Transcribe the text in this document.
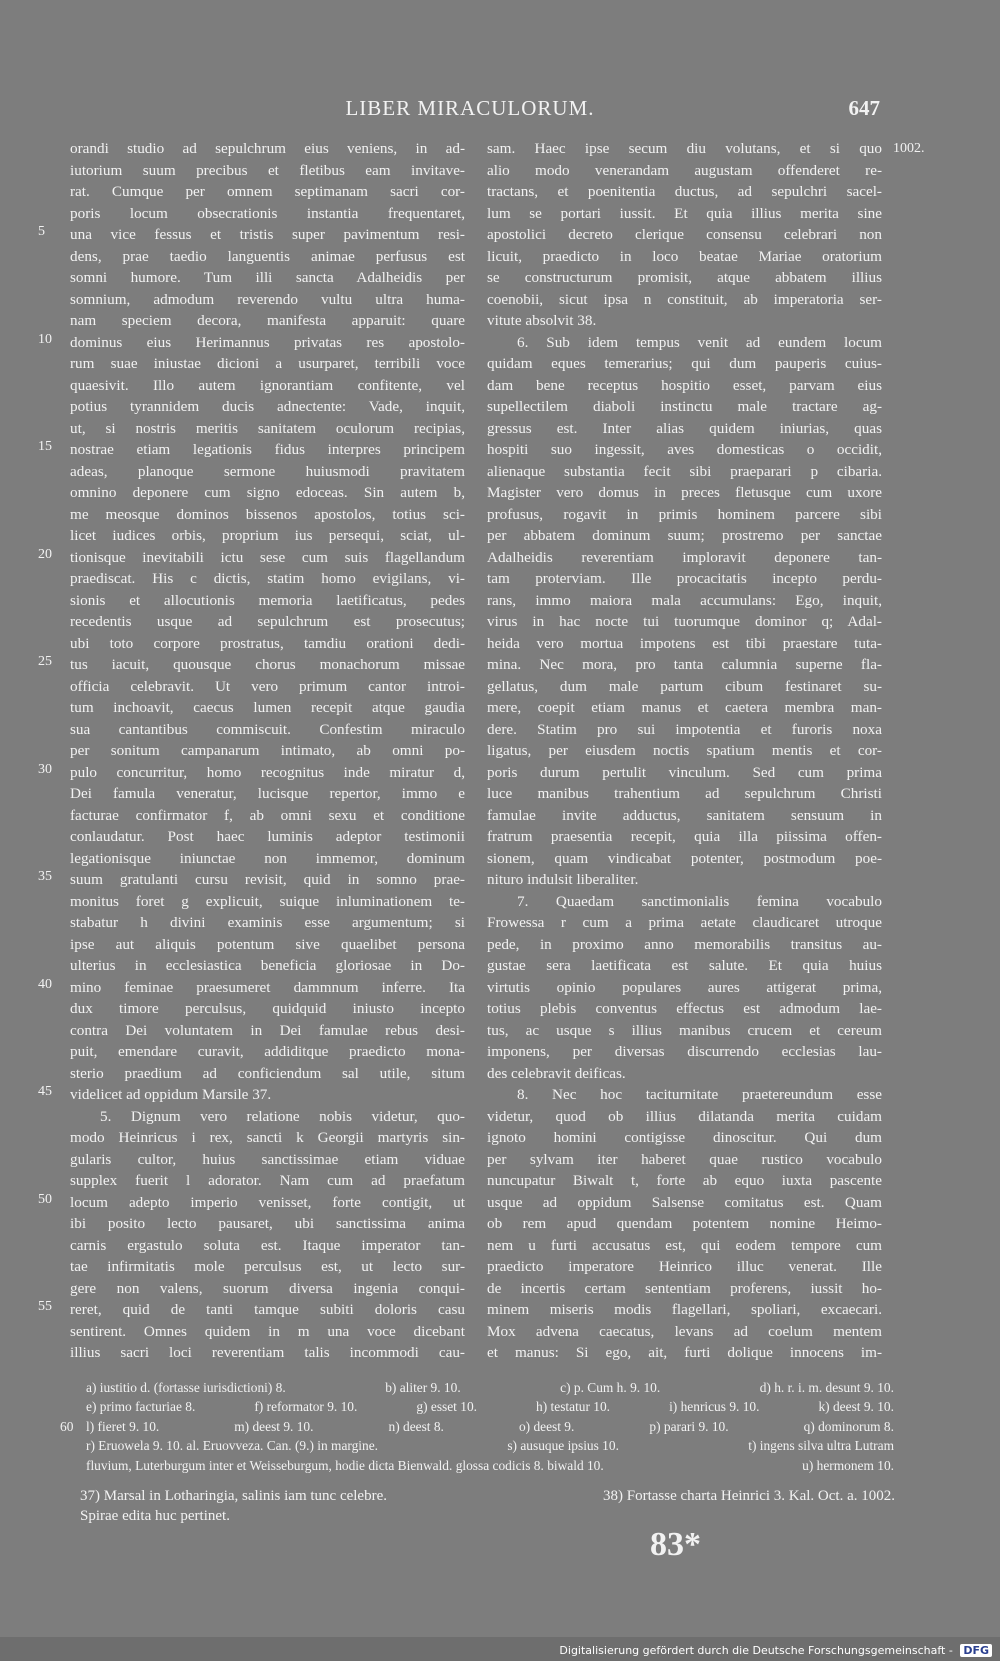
LIBER MIRACULORUM.	647
1002.
5
10
15
20
25
30
35
40
45
50
55
orandi studio ad sepulchrum eius veniens, in ad-
iutorium suum precibus et fletibus eam invitave-
rat. Cumque per omnem septimanam sacri cor-
poris locum obsecrationis instantia frequentaret,
una vice fessus et tristis super pavimentum resi-
dens, prae taedio languentis animae perfusus est
somni humore. Tum illi sancta Adalheidis per
somnium, admodum reverendo vultu ultra huma-
nam speciem decora, manifesta apparuit: quare
dominus eius Herimannus privatas res apostolo-
rum suae iniustae dicioni a usurparet, terribili voce
quaesivit. Illo autem ignorantiam confitente, vel
potius tyrannidem ducis adnectente: Vade, inquit,
ut, si nostris meritis sanitatem oculorum recipias,
nostrae etiam legationis fidus interpres principem
adeas, planoque sermone huiusmodi pravitatem
omnino deponere cum signo edoceas. Sin autem b,
me meosque dominos bissenos apostolos, totius sci-
licet iudices orbis, proprium ius persequi, sciat, ul-
tionisque inevitabili ictu sese cum suis flagellandum
praediscat. His c dictis, statim homo evigilans, vi-
sionis et allocutionis memoria laetificatus, pedes
recedentis usque ad sepulchrum est prosecutus;
ubi toto corpore prostratus, tamdiu orationi dedi-
tus iacuit, quousque chorus monachorum missae
officia celebravit. Ut vero primum cantor introi-
tum inchoavit, caecus lumen recepit atque gaudia
sua cantantibus commiscuit. Confestim miraculo
per sonitum campanarum intimato, ab omni po-
pulo concurritur, homo recognitus inde miratur d,
Dei famula veneratur, lucisque repertor, immo e
facturae confirmator f, ab omni sexu et conditione
conlaudatur. Post haec luminis adeptor testimonii
legationisque iniunctae non immemor, dominum
suum gratulanti cursu revisit, quid in somno prae-
monitus foret g explicuit, suique inluminationem te-
stabatur h divini examinis esse argumentum; si
ipse aut aliquis potentum sive quaelibet persona
ulterius in ecclesiastica beneficia gloriosae in Do-
mino feminae praesumeret dammnum inferre. Ita
dux timore perculsus, quidquid iniusto incepto
contra Dei voluntatem in Dei famulae rebus desi-
puit, emendare curavit, addiditque praedicto mona-
sterio praedium ad conficiendum sal utile, situm
videlicet ad oppidum Marsile 37.
5. Dignum vero relatione nobis videtur, quo-
modo Heinricus i rex, sancti k Georgii martyris sin-
gularis cultor, huius sanctissimae etiam viduae
supplex fuerit l adorator. Nam cum ad praefatum
locum adepto imperio venisset, forte contigit, ut
ibi posito lecto pausaret, ubi sanctissima anima
carnis ergastulo soluta est. Itaque imperator tan-
tae infirmitatis mole perculsus est, ut lecto sur-
gere non valens, suorum diversa ingenia conqui-
reret, quid de tanti tamque subiti doloris casu
sentirent. Omnes quidem in m una voce dicebant
illius sacri loci reverentiam talis incommodi cau-
sam. Haec ipse secum diu volutans, et si quo
alio modo venerandam augustam offenderet re-
tractans, et poenitentia ductus, ad sepulchri sacel-
lum se portari iussit. Et quia illius merita sine
apostolici decreto clerique consensu celebrari non
licuit, praedicto in loco beatae Mariae oratorium
se constructurum promisit, atque abbatem illius
coenobii, sicut ipsa n constituit, ab imperatoria ser-
vitute absolvit 38.
6. Sub idem tempus venit ad eundem locum
quidam eques temerarius; qui dum pauperis cuius-
dam bene receptus hospitio esset, parvam eius
supellectilem diaboli instinctu male tractare ag-
gressus est. Inter alias quidem iniurias, quas
hospiti suo ingessit, aves domesticas o occidit,
alienaque substantia fecit sibi praeparari p cibaria.
Magister vero domus in preces fletusque cum uxore
profusus, rogavit in primis hominem parcere sibi
per abbatem dominum suum; prostremo per sanctae
Adalheidis reverentiam imploravit deponere tan-
tam proterviam. Ille procacitatis incepto perdu-
rans, immo maiora mala accumulans: Ego, inquit,
virus in hac nocte tui tuorumque dominor q; Adal-
heida vero mortua impotens est tibi praestare tutа-
mina. Nec mora, pro tanta calumnia superne fla-
gellatus, dum male partum cibum festinaret su-
mere, coepit etiam manus et caetera membra man-
dere. Statim pro sui impotentia et furoris noxa
ligatus, per eiusdem noctis spatium mentis et cor-
poris durum pertulit vinculum. Sed cum prima
luce manibus trahentium ad sepulchrum Christi
famulae invite adductus, sanitatem sensuum in
fratrum praesentia recepit, quia illa piissima offen-
sionem, quam vindicabat potenter, postmodum poe-
nituro indulsit liberaliter.
7. Quaedam sanctimonialis femina vocabulo
Frowessa r cum a prima aetate claudicaret utroque
pede, in proximo anno memorabilis transitus au-
gustae sera laetificata est salute. Et quia huius
virtutis opinio populares aures attigerat prima,
totius plebis conventus effectus est admodum lae-
tus, ac usque s illius manibus crucem et cereum
imponens, per diversas discurrendo ecclesias lau-
des celebravit deificas.
8. Nec hoc taciturnitate praetereundum esse
videtur, quod ob illius dilatanda merita cuidam
ignoto homini contigisse dinoscitur. Qui dum
per sylvam iter haberet quae rustico vocabulo
nuncupatur Biwalt t, forte ab equo iuxta pascente
usque ad oppidum Salsense comitatus est. Quam
ob rem apud quendam potentem nomine Heimo-
nem u furti accusatus est, qui eodem tempore cum
praedicto imperatore Heinrico illuc venerat. Ille
de incertis certam sententiam proferens, iussit ho-
minem miseris modis flagellari, spoliari, excaecari.
Mox advena caecatus, levans ad coelum mentem
et manus: Si ego, ait, furti dolique innocens im-
60
a) iustitio d. (fortasse iurisdictioni) 8.	b) aliter 9. 10.	c) p. Cum h. 9. 10.	d) h. r. i. m. desunt 9. 10.
e) primo facturiae 8.	f) reformator 9. 10.	g) esset 10.	h) testatur 10.	i) henricus 9. 10.	k) deest 9. 10.
l) fieret 9. 10.	m) deest 9. 10.	n) deest 8.	o) deest 9.	p) parari 9. 10.	q) dominorum 8.
r) Eruowela 9. 10. al. Eruovveza. Can. (9.) in margine.	s) ausuque ipsius 10.	t) ingens silva ultra Lutram
fluvium, Luterburgum inter et Weisseburgum, hodie dicta Bienwald. glossa codicis 8. biwald 10.	u) hermonem 10.
37) Marsal in Lotharingia, salinis iam tunc celebre.	38) Fortasse charta Heinrici 3. Kal. Oct. a. 1002.
Spirae edita huc pertinet.
83*
Digitalisierung gefördert durch die Deutsche Forschungsgemeinschaft - DFG
